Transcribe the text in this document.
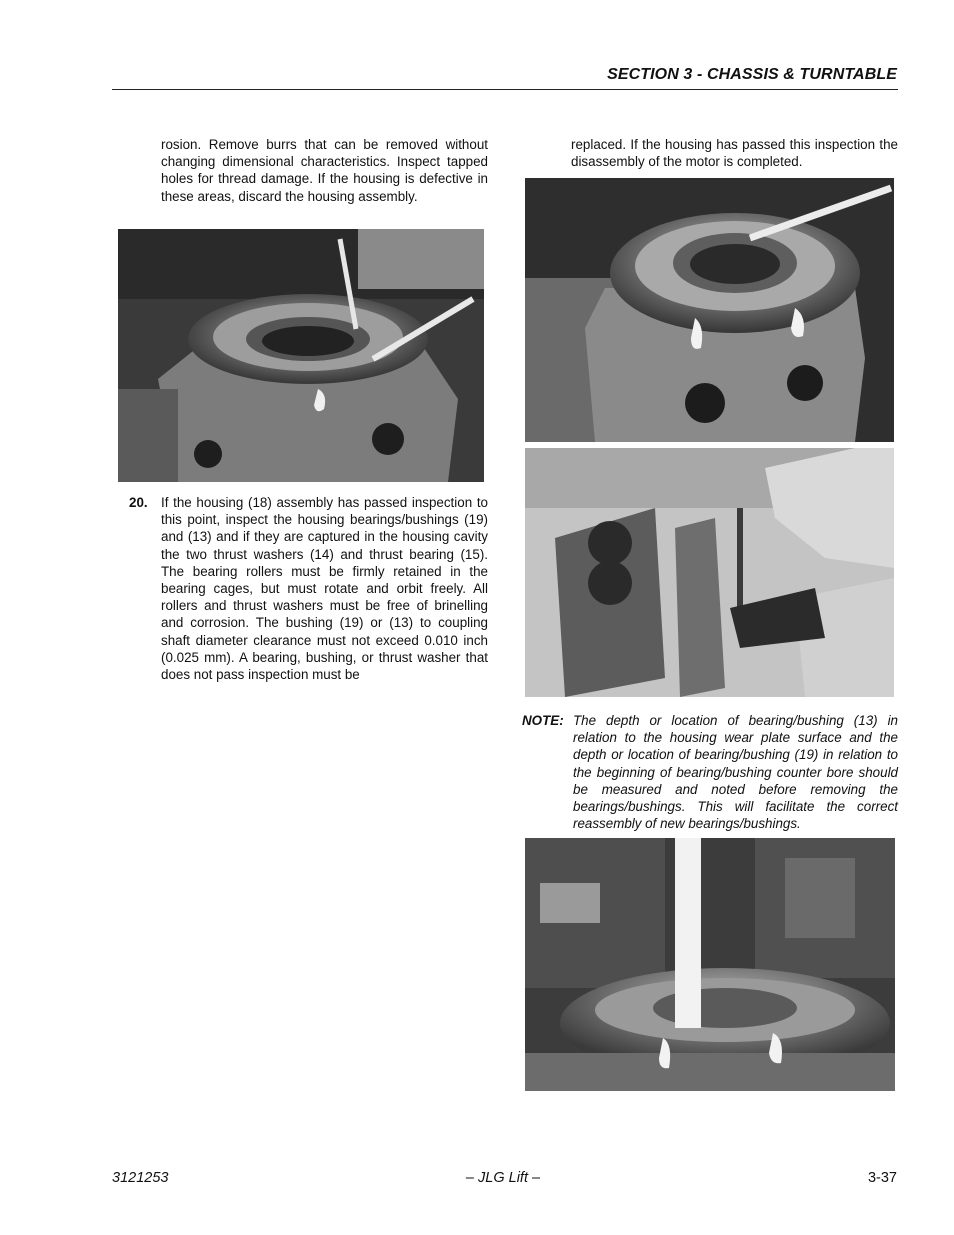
SECTION 3 - CHASSIS & TURNTABLE
rosion. Remove burrs that can be removed without changing dimensional characteristics. Inspect tapped holes for thread damage. If the housing is defective in these areas, discard the housing assembly.
20. If the housing (18) assembly has passed inspection to this point, inspect the housing bearings/bushings (19) and (13) and if they are captured in the housing cavity the two thrust washers (14) and thrust bearing (15). The bearing rollers must be firmly retained in the bearing cages, but must rotate and orbit freely. All rollers and thrust washers must be free of brinelling and corrosion. The bushing (19) or (13) to coupling shaft diameter clearance must not exceed 0.010 inch (0.025 mm). A bearing, bushing, or thrust washer that does not pass inspection must be
replaced. If the housing has passed this inspection the disassembly of the motor is completed.
NOTE: The depth or location of bearing/bushing (13) in relation to the housing wear plate surface and the depth or location of bearing/bushing (19) in relation to the beginning of bearing/bushing counter bore should be measured and noted before removing the bearings/bushings. This will facilitate the correct reassembly of new bearings/bushings.
3121253	– JLG Lift –	3-37
